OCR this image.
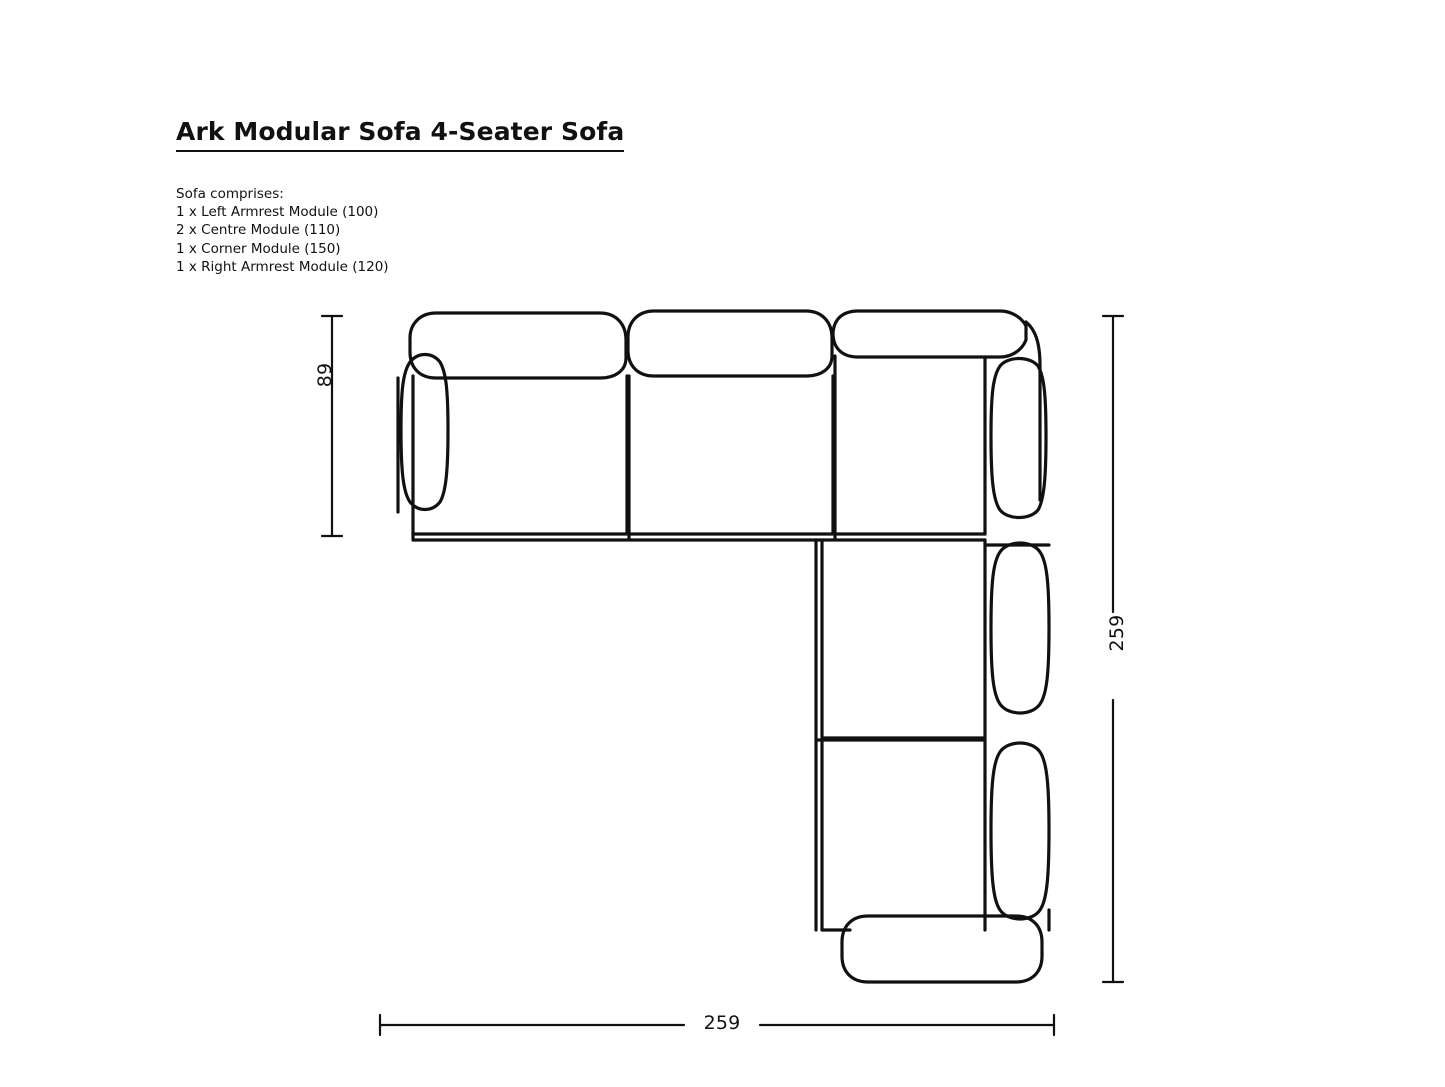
Ark Modular Sofa 4-Seater Sofa
Sofa comprises:
1 x Left Armrest Module (100)
2 x Centre Module (110)
1 x Corner Module (150)
1 x Right Armrest Module (120)
89
259
259
